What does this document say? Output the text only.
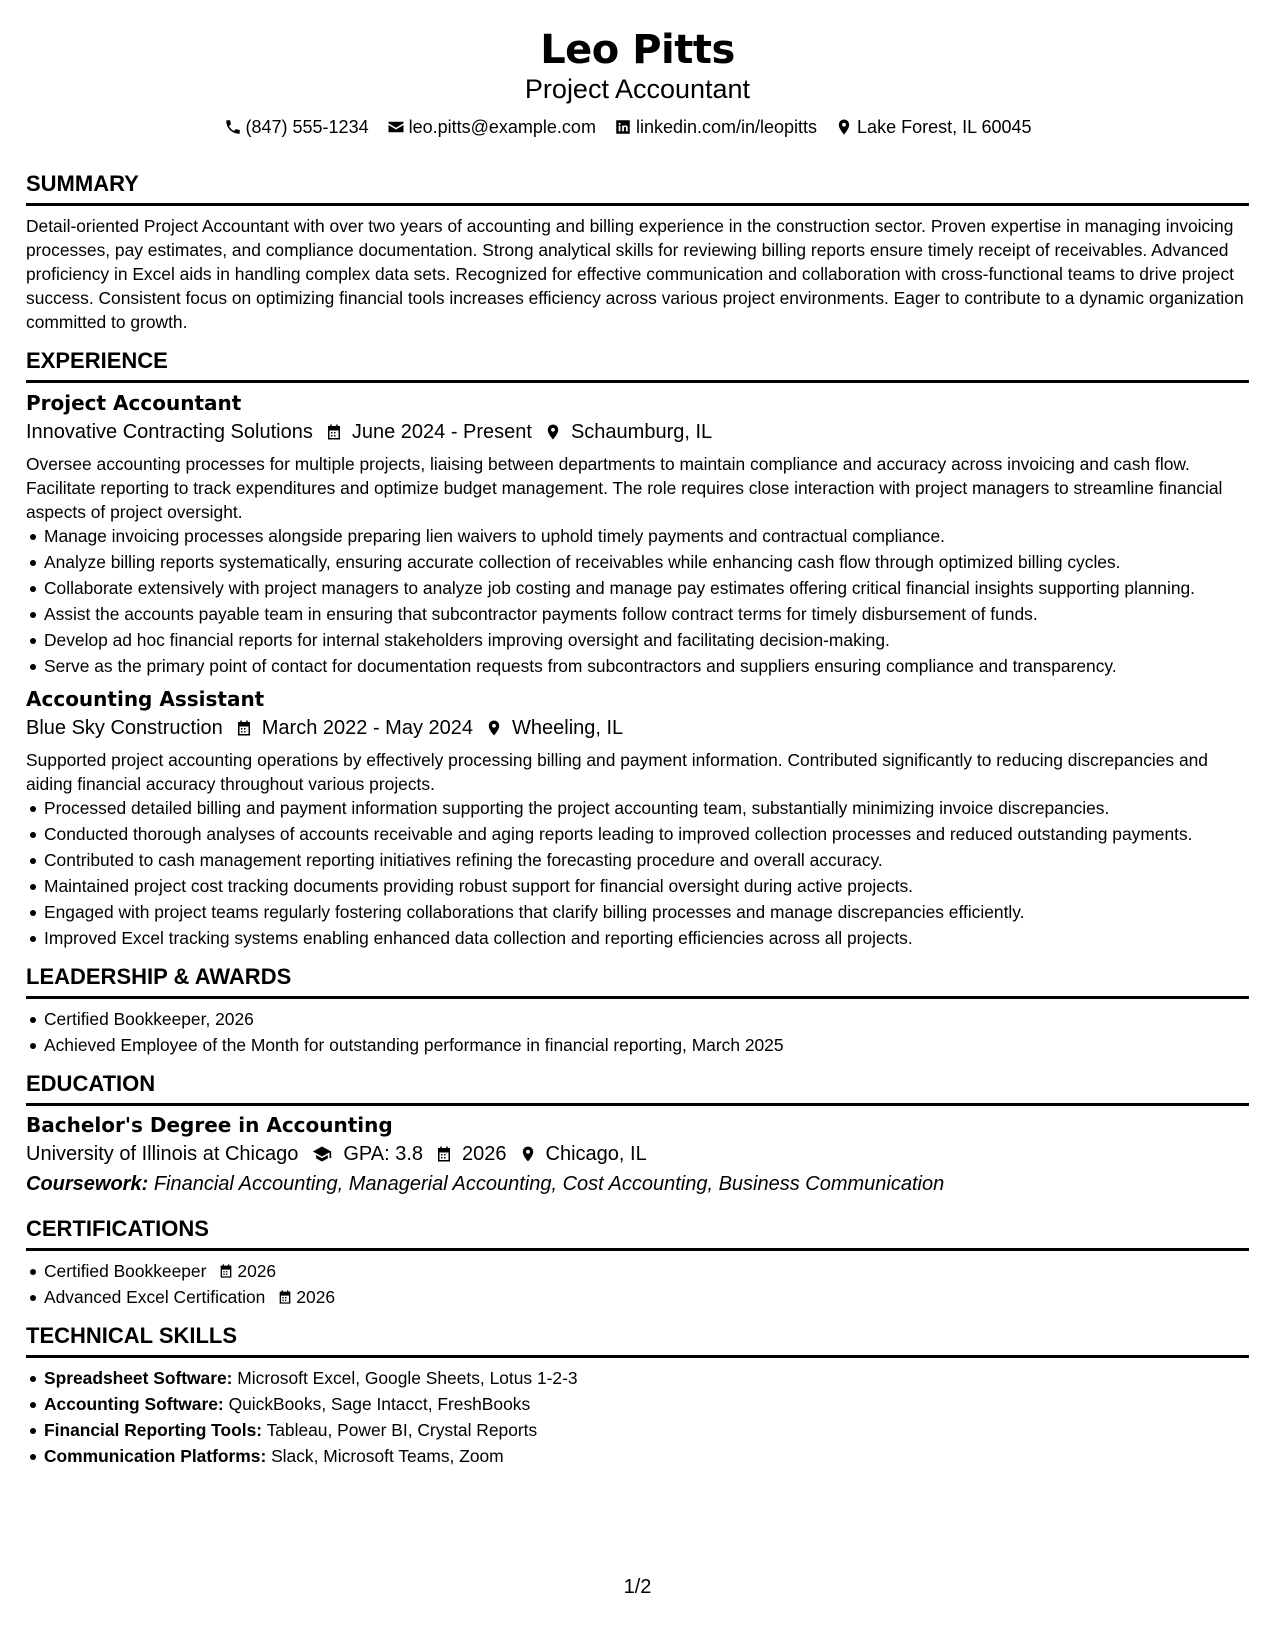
Leo Pitts
Project Accountant
(847) 555-1234 leo.pitts@example.com linkedin.com/in/leopitts Lake Forest, IL 60045
SUMMARY

Detail-oriented Project Accountant with over two years of accounting and billing experience in the construction sector. Proven expertise in managing invoicing processes, pay estimates, and compliance documentation. Strong analytical skills for reviewing billing reports ensure timely receipt of receivables. Advanced proficiency in Excel aids in handling complex data sets. Recognized for effective communication and collaboration with cross-functional teams to drive project success. Consistent focus on optimizing financial tools increases efficiency across various project environments. Eager to contribute to a dynamic organization committed to growth.

EXPERIENCE
Project Accountant
Innovative Contracting Solutions June 2024 - Present Schaumburg, IL

Oversee accounting processes for multiple projects, liaising between departments to maintain compliance and accuracy across invoicing and cash flow. Facilitate reporting to track expenditures and optimize budget management. The role requires close interaction with project managers to streamline financial aspects of project oversight.

Manage invoicing processes alongside preparing lien waivers to uphold timely payments and contractual compliance.
Analyze billing reports systematically, ensuring accurate collection of receivables while enhancing cash flow through optimized billing cycles.
Collaborate extensively with project managers to analyze job costing and manage pay estimates offering critical financial insights supporting planning.
Assist the accounts payable team in ensuring that subcontractor payments follow contract terms for timely disbursement of funds.
Develop ad hoc financial reports for internal stakeholders improving oversight and facilitating decision-making.
Serve as the primary point of contact for documentation requests from subcontractors and suppliers ensuring compliance and transparency.
Accounting Assistant
Blue Sky Construction March 2022 - May 2024 Wheeling, IL

Supported project accounting operations by effectively processing billing and payment information. Contributed significantly to reducing discrepancies and aiding financial accuracy throughout various projects.

Processed detailed billing and payment information supporting the project accounting team, substantially minimizing invoice discrepancies.
Conducted thorough analyses of accounts receivable and aging reports leading to improved collection processes and reduced outstanding payments.
Contributed to cash management reporting initiatives refining the forecasting procedure and overall accuracy.
Maintained project cost tracking documents providing robust support for financial oversight during active projects.
Engaged with project teams regularly fostering collaborations that clarify billing processes and manage discrepancies efficiently.
Improved Excel tracking systems enabling enhanced data collection and reporting efficiencies across all projects.
LEADERSHIP & AWARDS
Certified Bookkeeper, 2026
Achieved Employee of the Month for outstanding performance in financial reporting, March 2025
EDUCATION
Bachelor's Degree in Accounting
University of Illinois at Chicago GPA: 3.8 2026 Chicago, IL
Coursework: Financial Accounting, Managerial Accounting, Cost Accounting, Business Communication
CERTIFICATIONS
Certified Bookkeeper 2026
Advanced Excel Certification 2026
TECHNICAL SKILLS
Spreadsheet Software: Microsoft Excel, Google Sheets, Lotus 1-2-3
Accounting Software: QuickBooks, Sage Intacct, FreshBooks
Financial Reporting Tools: Tableau, Power BI, Crystal Reports
Communication Platforms: Slack, Microsoft Teams, Zoom
1/2
